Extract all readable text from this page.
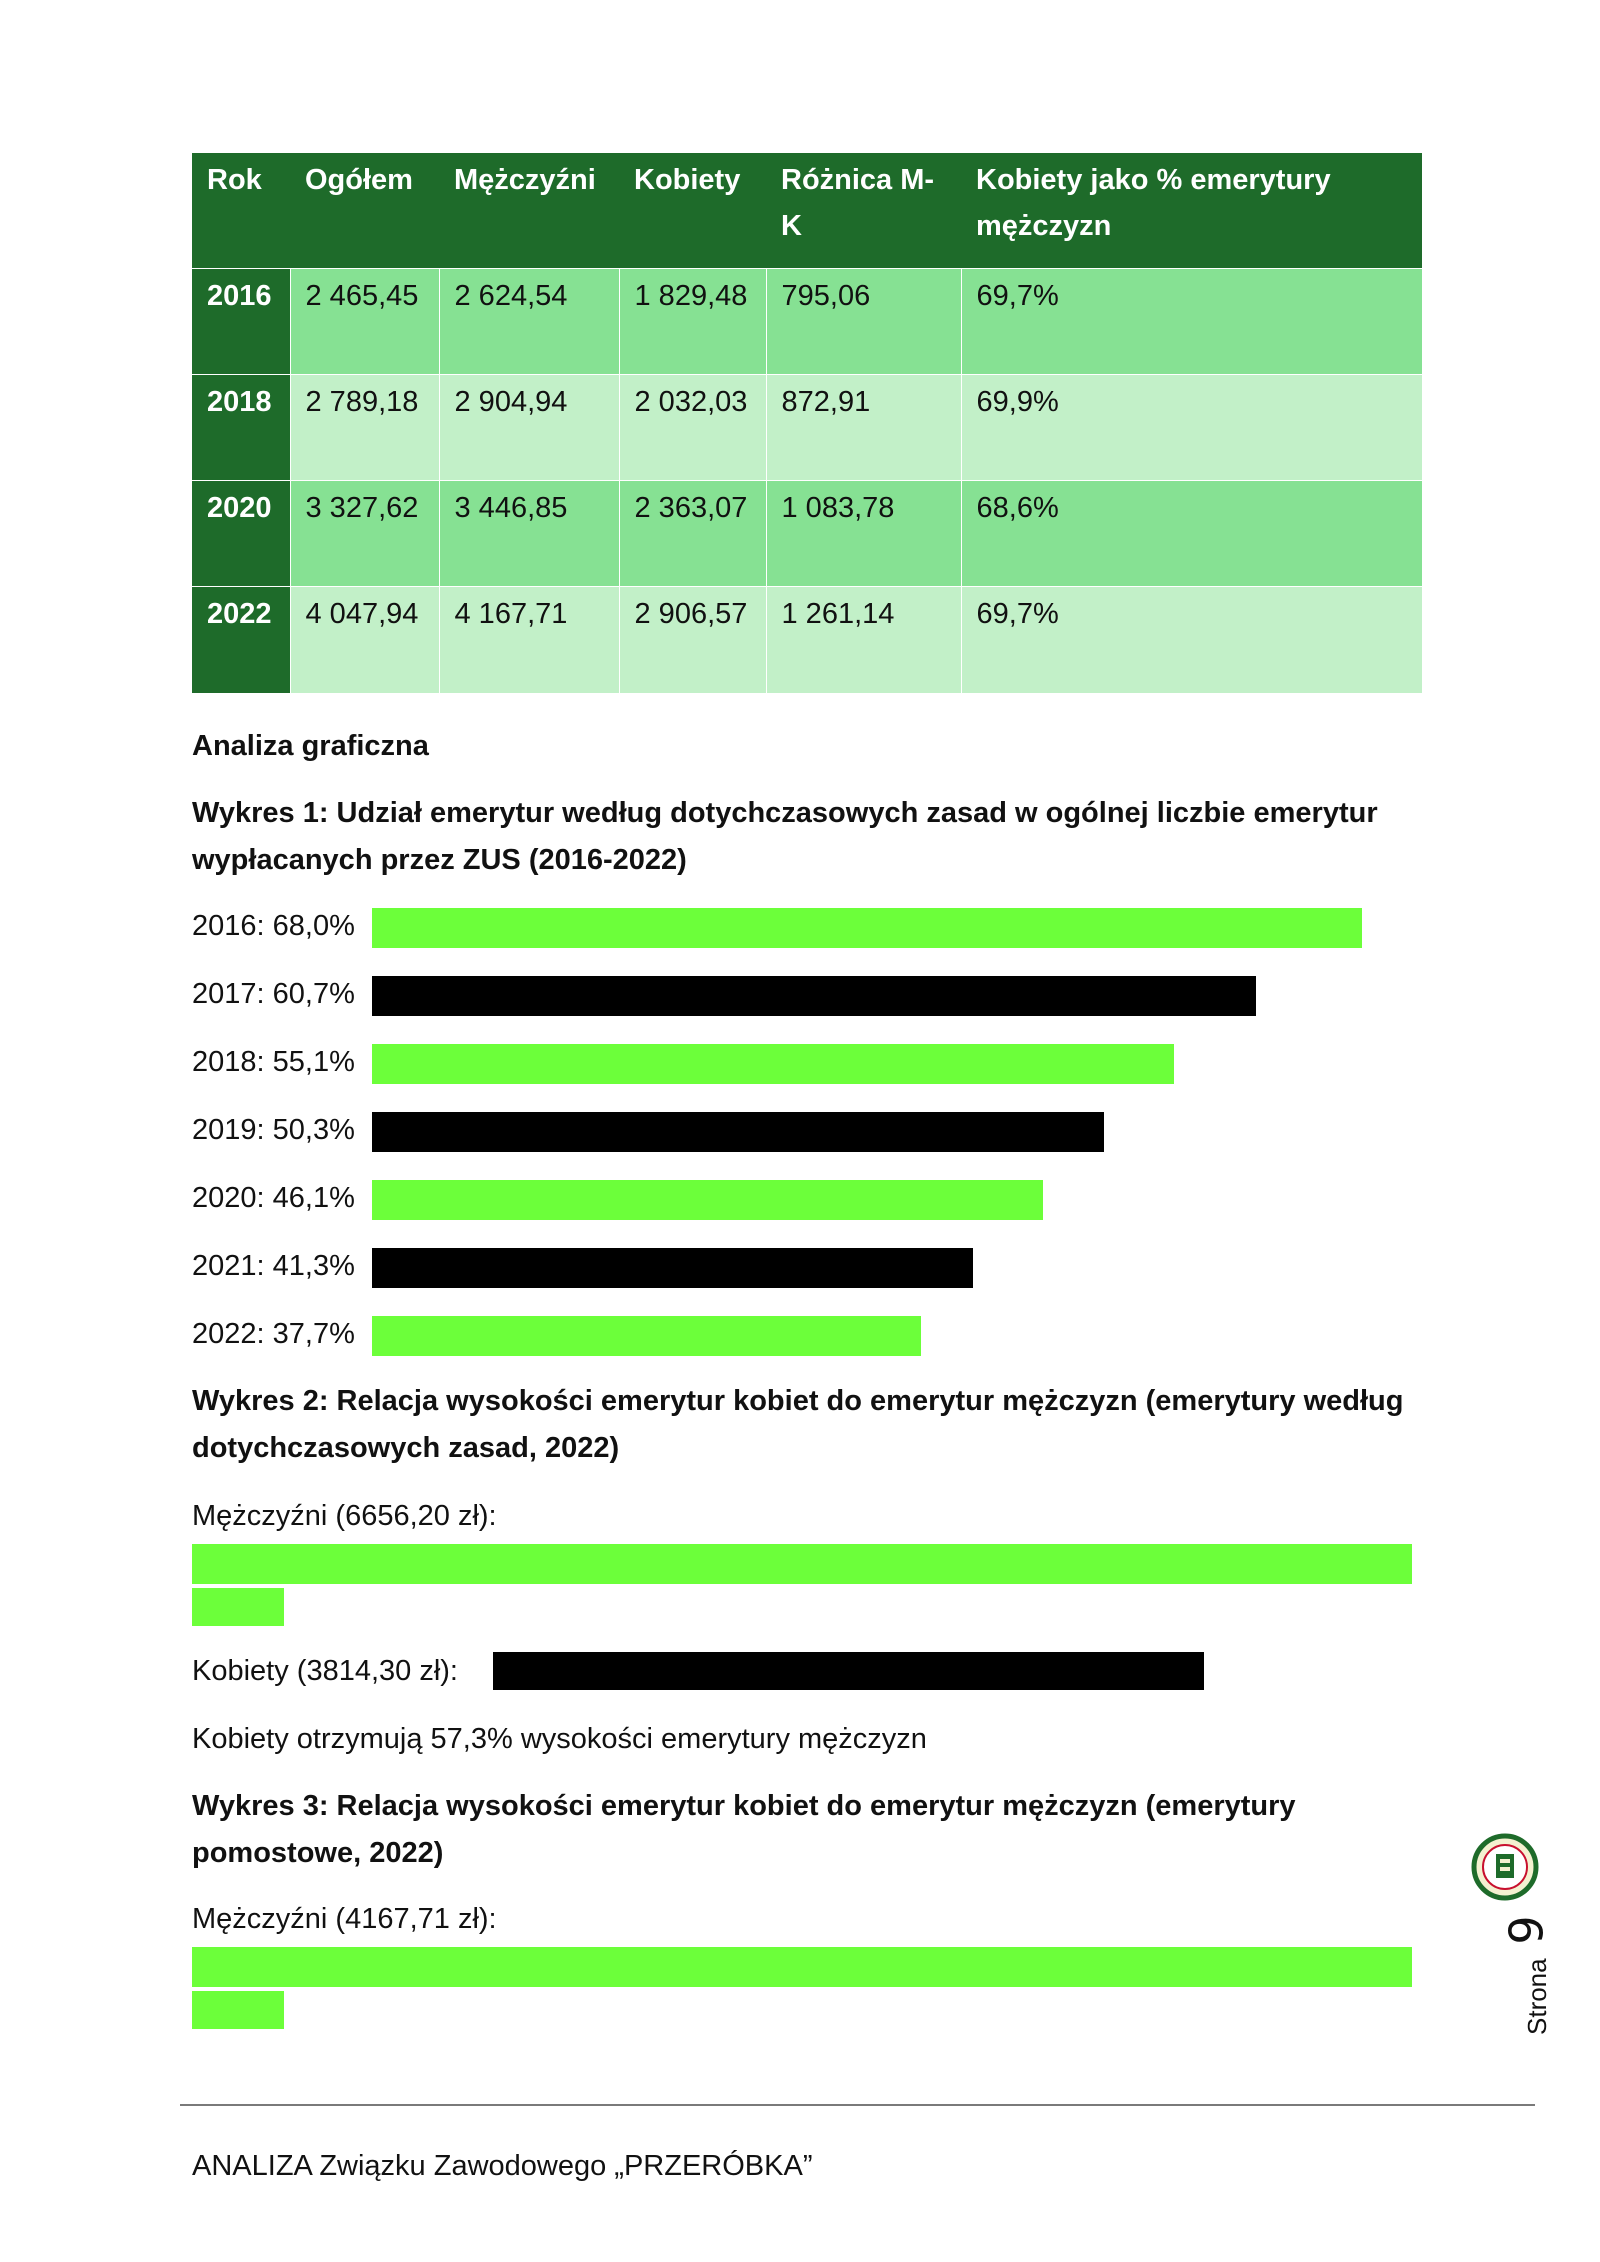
Rok	Ogółem	Mężczyźni	Kobiety	Różnica M-K	Kobiety jako % emerytury mężczyzn
2016	2 465,45	2 624,54	1 829,48	795,06	69,7%
2018	2 789,18	2 904,94	2 032,03	872,91	69,9%
2020	3 327,62	3 446,85	2 363,07	1 083,78	68,6%
2022	4 047,94	4 167,71	2 906,57	1 261,14	69,7%

Analiza graficzna

Wykres 1: Udział emerytur według dotychczasowych zasad w ogólnej liczbie emerytur wypłacanych przez ZUS (2016-2022)

2016: 68,0%
2017: 60,7%
2018: 55,1%
2019: 50,3%
2020: 46,1%
2021: 41,3%
2022: 37,7%

Wykres 2: Relacja wysokości emerytur kobiet do emerytur mężczyzn (emerytury według dotychczasowych zasad, 2022)

Mężczyźni (6656,20 zł):

Kobiety (3814,30 zł):

Kobiety otrzymują 57,3% wysokości emerytury mężczyzn

Wykres 3: Relacja wysokości emerytur kobiet do emerytur mężczyzn (emerytury pomostowe, 2022)

Mężczyźni (4167,71 zł):	6
Strona

ANALIZA Związku Zawodowego „PRZERÓBKA”
